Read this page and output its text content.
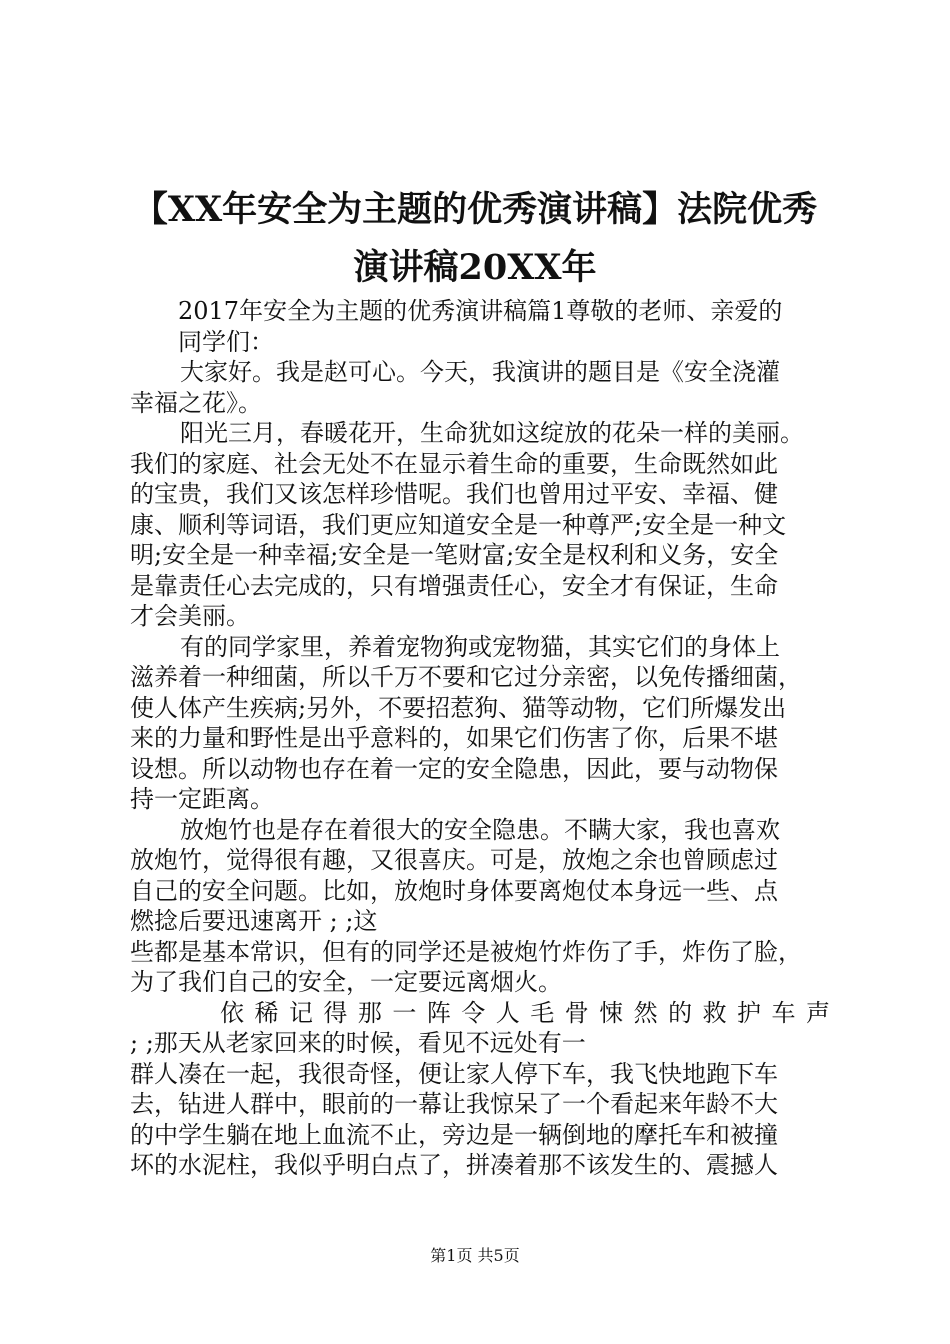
【XX年安全为主题的优秀演讲稿】法院优秀
演讲稿20XX年
2017年安全为主题的优秀演讲稿篇1尊敬的老师、亲爱的
同学们：
大家好。我是赵可心。今天，我演讲的题目是《安全浇灌
幸福之花》。
阳光三月，春暖花开，生命犹如这绽放的花朵一样的美丽。
我们的家庭、社会无处不在显示着生命的重要，生命既然如此
的宝贵，我们又该怎样珍惜呢。我们也曾用过平安、幸福、健
康、顺利等词语，我们更应知道安全是一种尊严;安全是一种文
明;安全是一种幸福;安全是一笔财富;安全是权利和义务，安全
是靠责任心去完成的，只有增强责任心，安全才有保证，生命
才会美丽。
有的同学家里，养着宠物狗或宠物猫，其实它们的身体上
滋养着一种细菌，所以千万不要和它过分亲密，以免传播细菌，
使人体产生疾病;另外，不要招惹狗、猫等动物，它们所爆发出
来的力量和野性是出乎意料的，如果它们伤害了你，后果不堪
设想。所以动物也存在着一定的安全隐患，因此，要与动物保
持一定距离。
放炮竹也是存在着很大的安全隐患。不瞒大家，我也喜欢
放炮竹，觉得很有趣，又很喜庆。可是，放炮之余也曾顾虑过
自己的安全问题。比如，放炮时身体要离炮仗本身远一些、点
燃捻后要迅速离开 ; ;这
些都是基本常识，但有的同学还是被炮竹炸伤了手，炸伤了脸，
为了我们自己的安全，一定要远离烟火。
依稀记得那一阵令人毛骨悚然的救护车声
; ;那天从老家回来的时候，看见不远处有一
群人凑在一起，我很奇怪，便让家人停下车，我飞快地跑下车
去，钻进人群中，眼前的一幕让我惊呆了一个看起来年龄不大
的中学生躺在地上血流不止，旁边是一辆倒地的摩托车和被撞
坏的水泥柱，我似乎明白点了，拼凑着那不该发生的、震撼人
第1页 共5页
